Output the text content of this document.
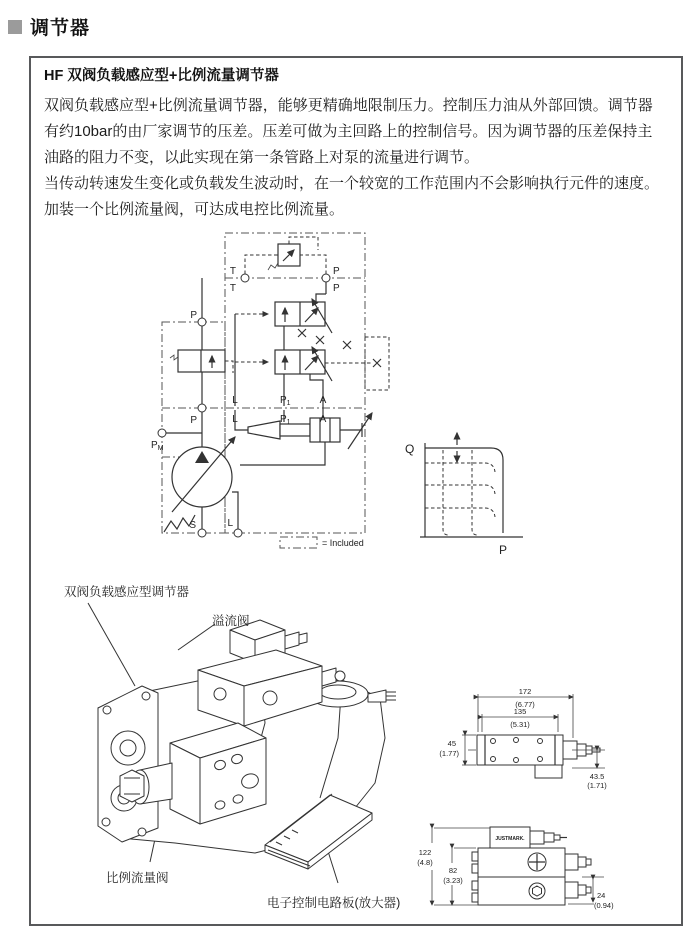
调节器
HF 双阀负载感应型+比例流量调节器

双阀负载感应型+比例流量调节器，能够更精确地限制压力。控制压力油从外部回馈。调节器有约10bar的由厂家调节的压差。压差可做为主回路上的控制信号。因为调节器的压差保持主油路的阻力不变，以此实现在第一条管路上对泵的流量进行调节。

当传动转速发生变化或负载发生波动时，在一个较宽的工作范围内不会影响执行元件的速度。

加装一个比例流量阀，可达成电控比例流量。

T
T
P
P
P
P
L
L
$P_1$
$P_1$
A
A
$P_M$
S	L
= Included
Q
P
双阀负载感应型调节器
溢流阀
比例流量阀
电子控制电路板(放大器)
172
(6.77)
135
(5.31)
45
(1.77)
43.5
(1.71)
JUSTMARK.
122
(4.8)
82
(3.23)
24
(0.94)
